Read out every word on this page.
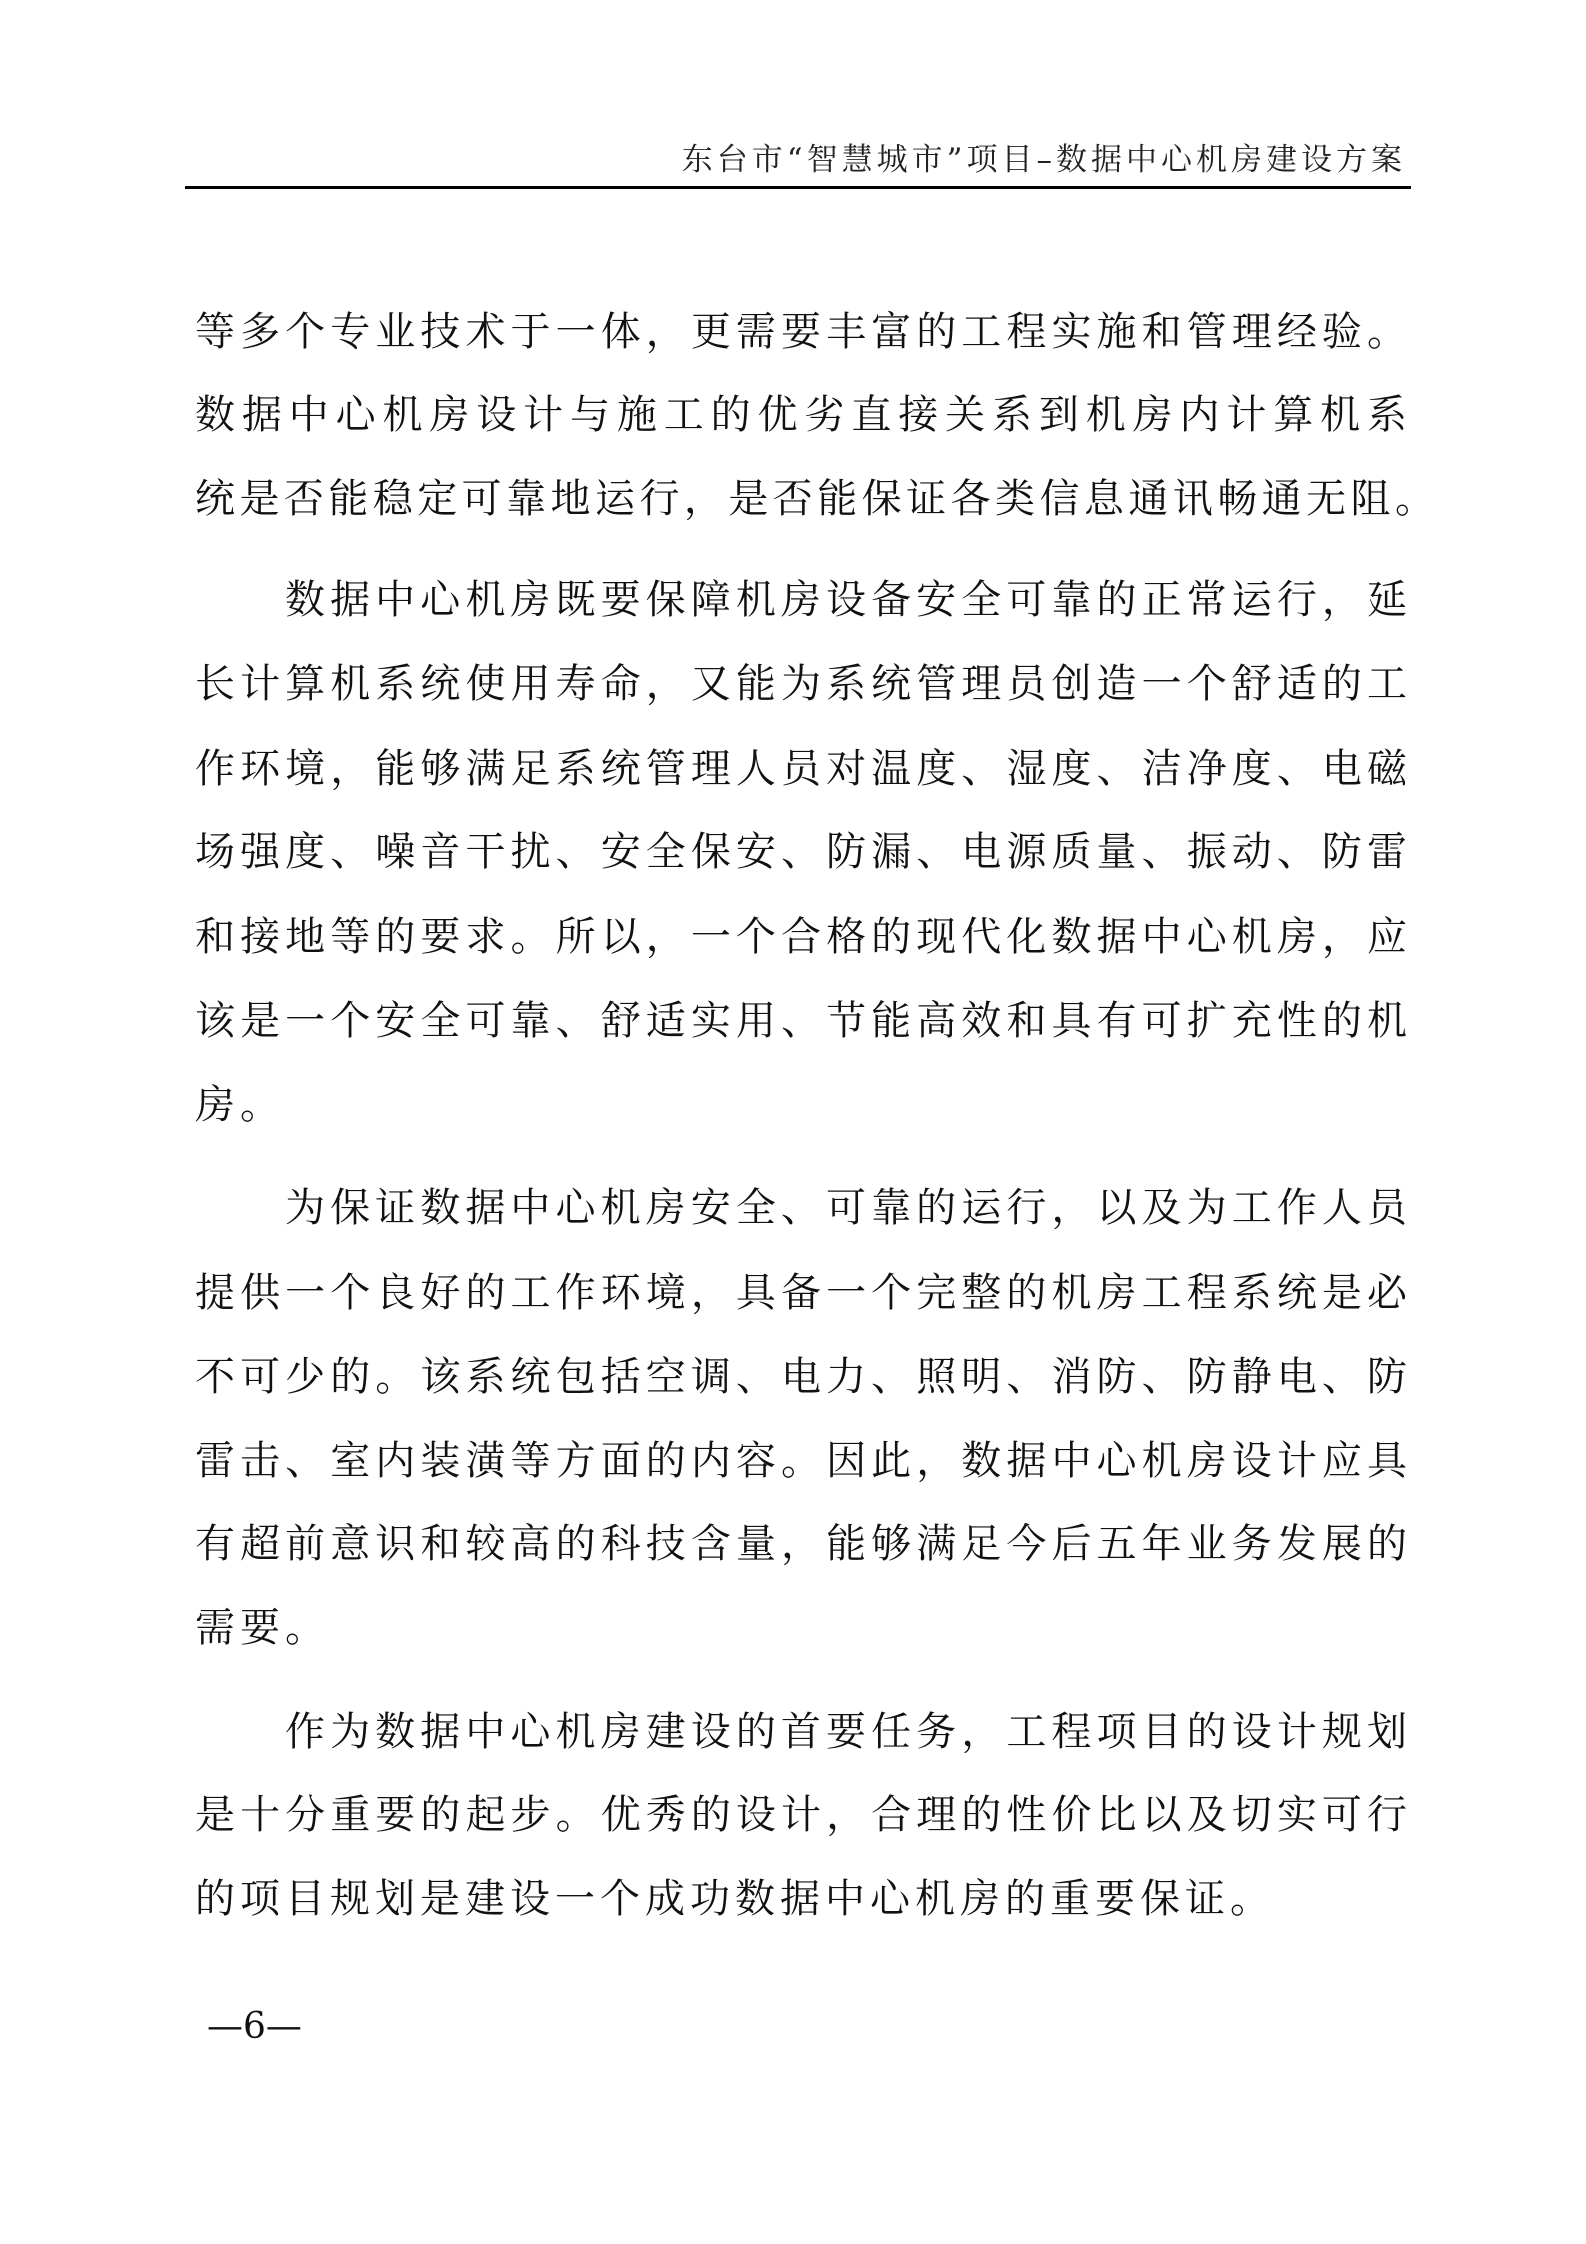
东台市“智慧城市”项目–数据中心机房建设方案
等多个专业技术于一体，更需要丰富的工程实施和管理经验。
数据中心机房设计与施工的优劣直接关系到机房内计算机系
统是否能稳定可靠地运行，是否能保证各类信息通讯畅通无阻。
数据中心机房既要保障机房设备安全可靠的正常运行，延
长计算机系统使用寿命，又能为系统管理员创造一个舒适的工
作环境，能够满足系统管理人员对温度、湿度、洁净度、电磁
场强度、噪音干扰、安全保安、防漏、电源质量、振动、防雷
和接地等的要求。所以，一个合格的现代化数据中心机房，应
该是一个安全可靠、舒适实用、节能高效和具有可扩充性的机
房。
为保证数据中心机房安全、可靠的运行，以及为工作人员
提供一个良好的工作环境，具备一个完整的机房工程系统是必
不可少的。该系统包括空调、电力、照明、消防、防静电、防
雷击、室内装潢等方面的内容。因此，数据中心机房设计应具
有超前意识和较高的科技含量，能够满足今后五年业务发展的
需要。
作为数据中心机房建设的首要任务，工程项目的设计规划
是十分重要的起步。优秀的设计，合理的性价比以及切实可行
的项目规划是建设一个成功数据中心机房的重要保证。
—6—
